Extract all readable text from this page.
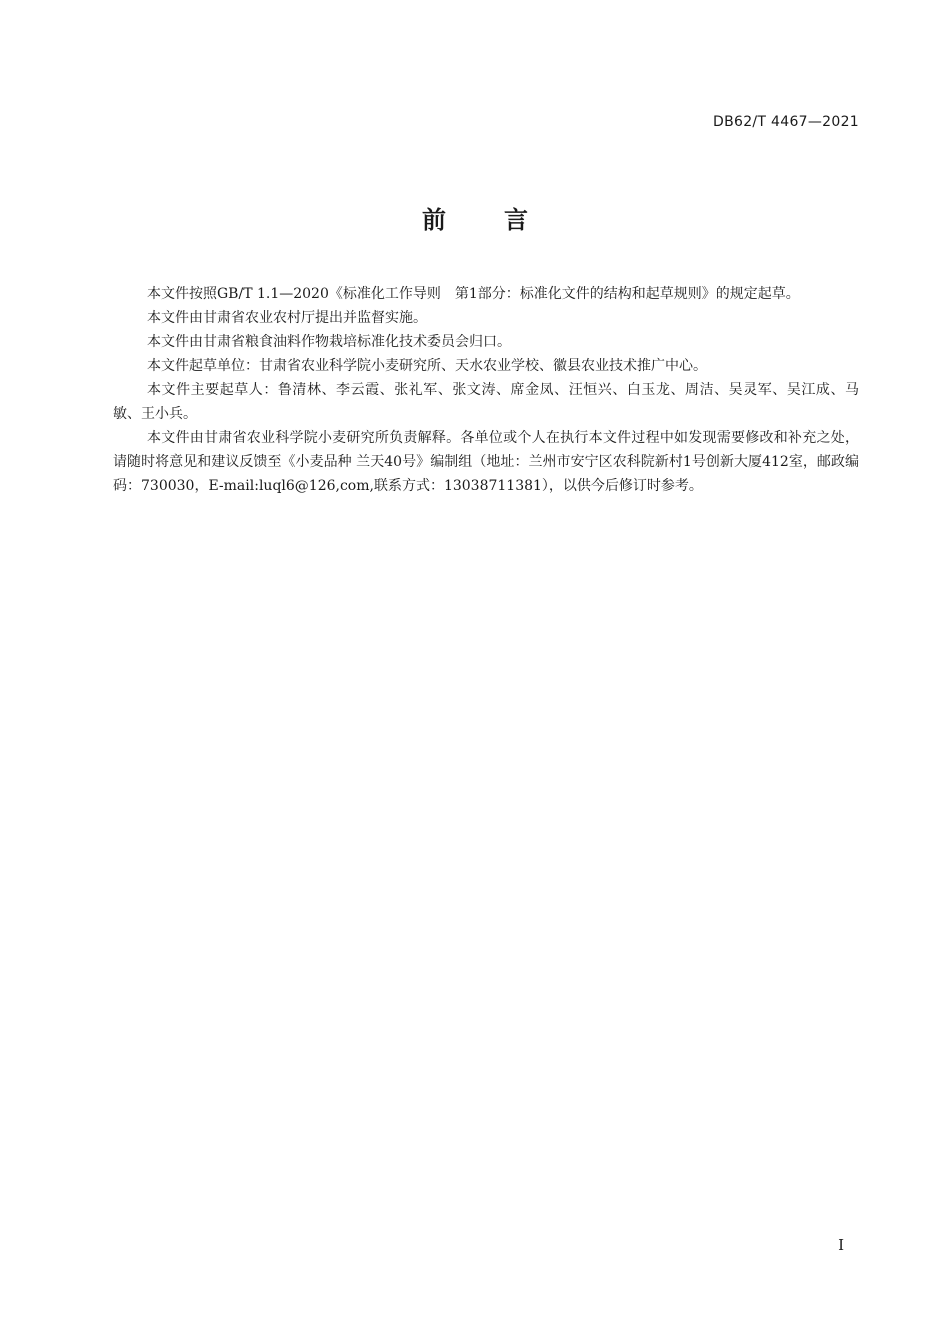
DB62/T 4467—2021
前言

本文件按照GB/T 1.1—2020《标准化工作导则　第1部分：标准化文件的结构和起草规则》的规定起草。

本文件由甘肃省农业农村厅提出并监督实施。

本文件由甘肃省粮食油料作物栽培标准化技术委员会归口。

本文件起草单位：甘肃省农业科学院小麦研究所、天水农业学校、徽县农业技术推广中心。

本文件主要起草人：鲁清林、李云霞、张礼军、张文涛、席金凤、汪恒兴、白玉龙、周洁、吴灵军、吴江成、马敏、王小兵。

本文件由甘肃省农业科学院小麦研究所负责解释。各单位或个人在执行本文件过程中如发现需要修改和补充之处，请随时将意见和建议反馈至《小麦品种 兰天40号》编制组（地址：兰州市安宁区农科院新村1号创新大厦412室，邮政编码：730030，E-mail:luql6@126,com,联系方式：13038711381），以供今后修订时参考。

I
